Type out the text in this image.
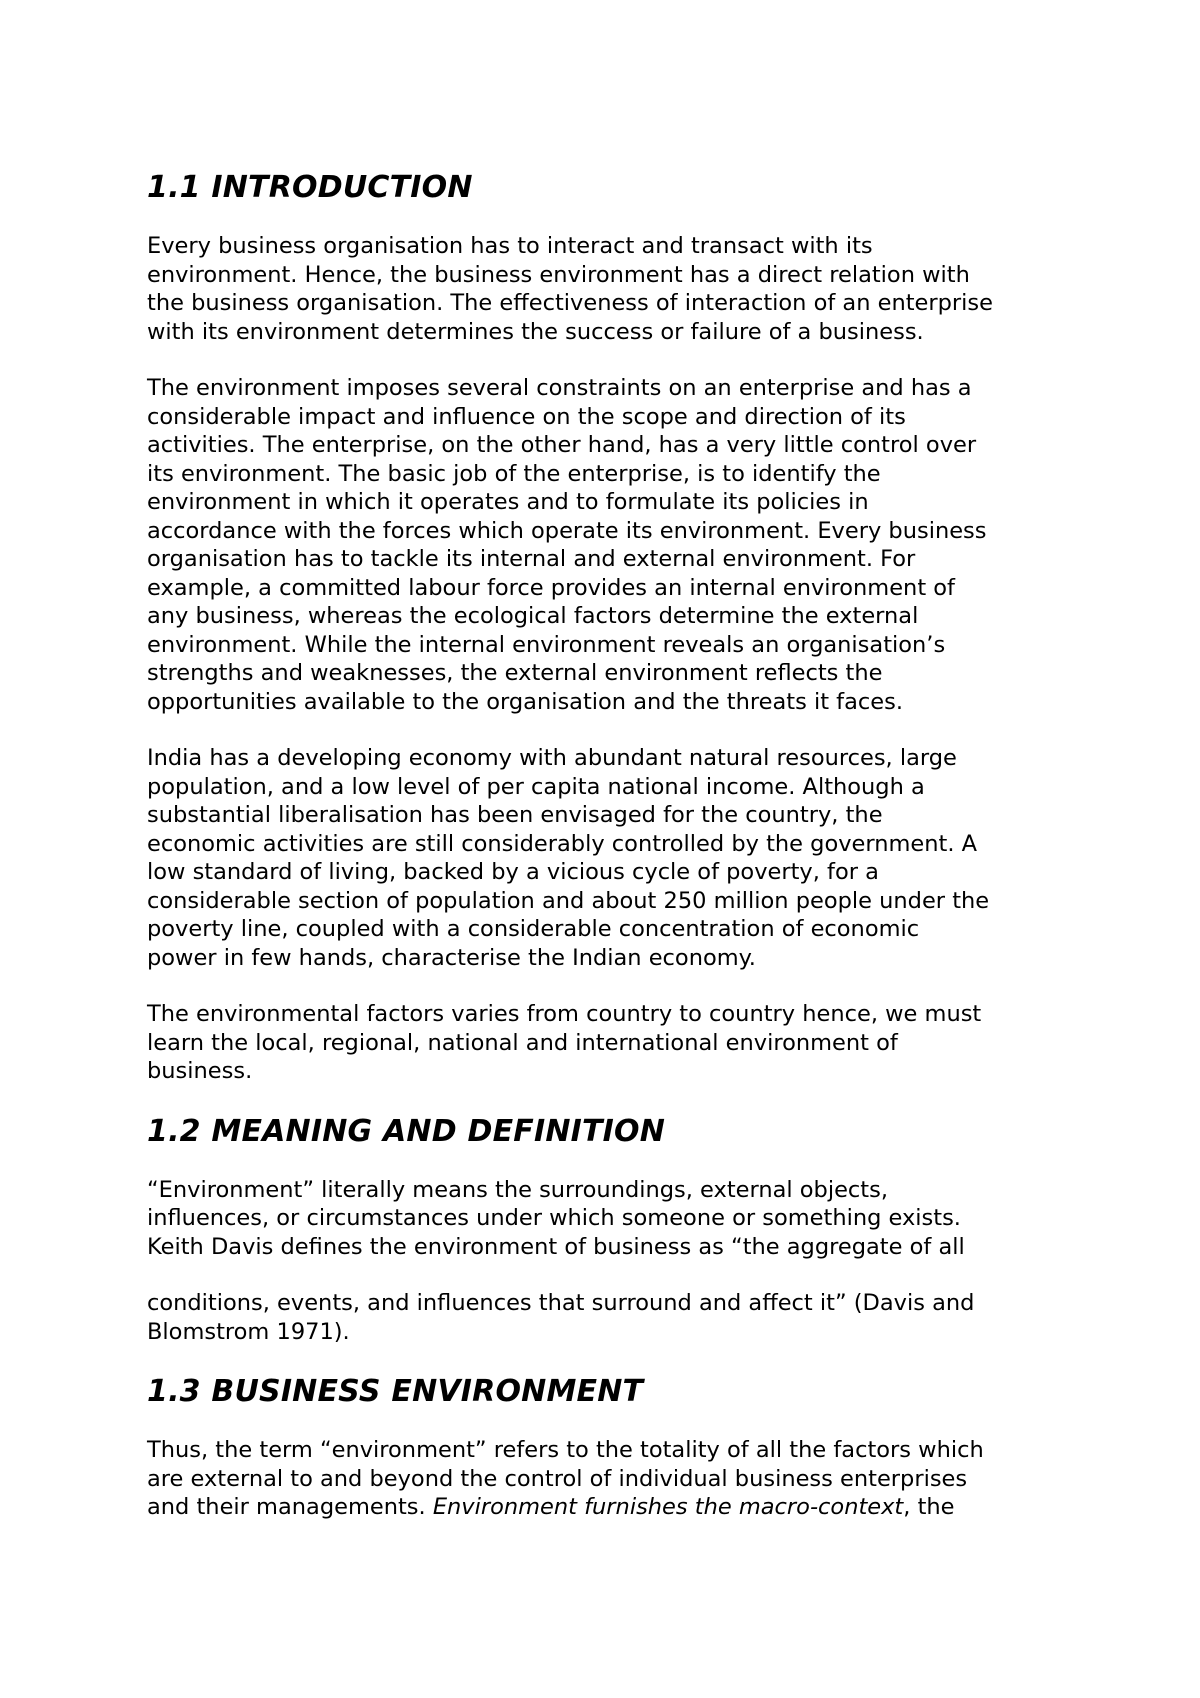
1.1 INTRODUCTION

Every business organisation has to interact and transact with its
environment. Hence, the business environment has a direct relation with
the business organisation. The effectiveness of interaction of an enterprise
with its environment determines the success or failure of a business.

The environment imposes several constraints on an enterprise and has a
considerable impact and influence on the scope and direction of its
activities. The enterprise, on the other hand, has a very little control over
its environment. The basic job of the enterprise, is to identify the
environment in which it operates and to formulate its policies in
accordance with the forces which operate its environment. Every business
organisation has to tackle its internal and external environment. For
example, a committed labour force provides an internal environment of
any business, whereas the ecological factors determine the external
environment. While the internal environment reveals an organisation’s
strengths and weaknesses, the external environment reflects the
opportunities available to the organisation and the threats it faces.

India has a developing economy with abundant natural resources, large
population, and a low level of per capita national income. Although a
substantial liberalisation has been envisaged for the country, the
economic activities are still considerably controlled by the government. A
low standard of living, backed by a vicious cycle of poverty, for a
considerable section of population and about 250 million people under the
poverty line, coupled with a considerable concentration of economic
power in few hands, characterise the Indian economy.

The environmental factors varies from country to country hence, we must
learn the local, regional, national and international environment of
business.

1.2 MEANING AND DEFINITION

“Environment” literally means the surroundings, external objects,
influences, or circumstances under which someone or something exists.
Keith Davis defines the environment of business as “the aggregate of all

conditions, events, and influences that surround and affect it” (Davis and
Blomstrom 1971).

1.3 BUSINESS ENVIRONMENT

Thus, the term “environment” refers to the totality of all the factors which
are external to and beyond the control of individual business enterprises
and their managements. Environment furnishes the macro-context, the
